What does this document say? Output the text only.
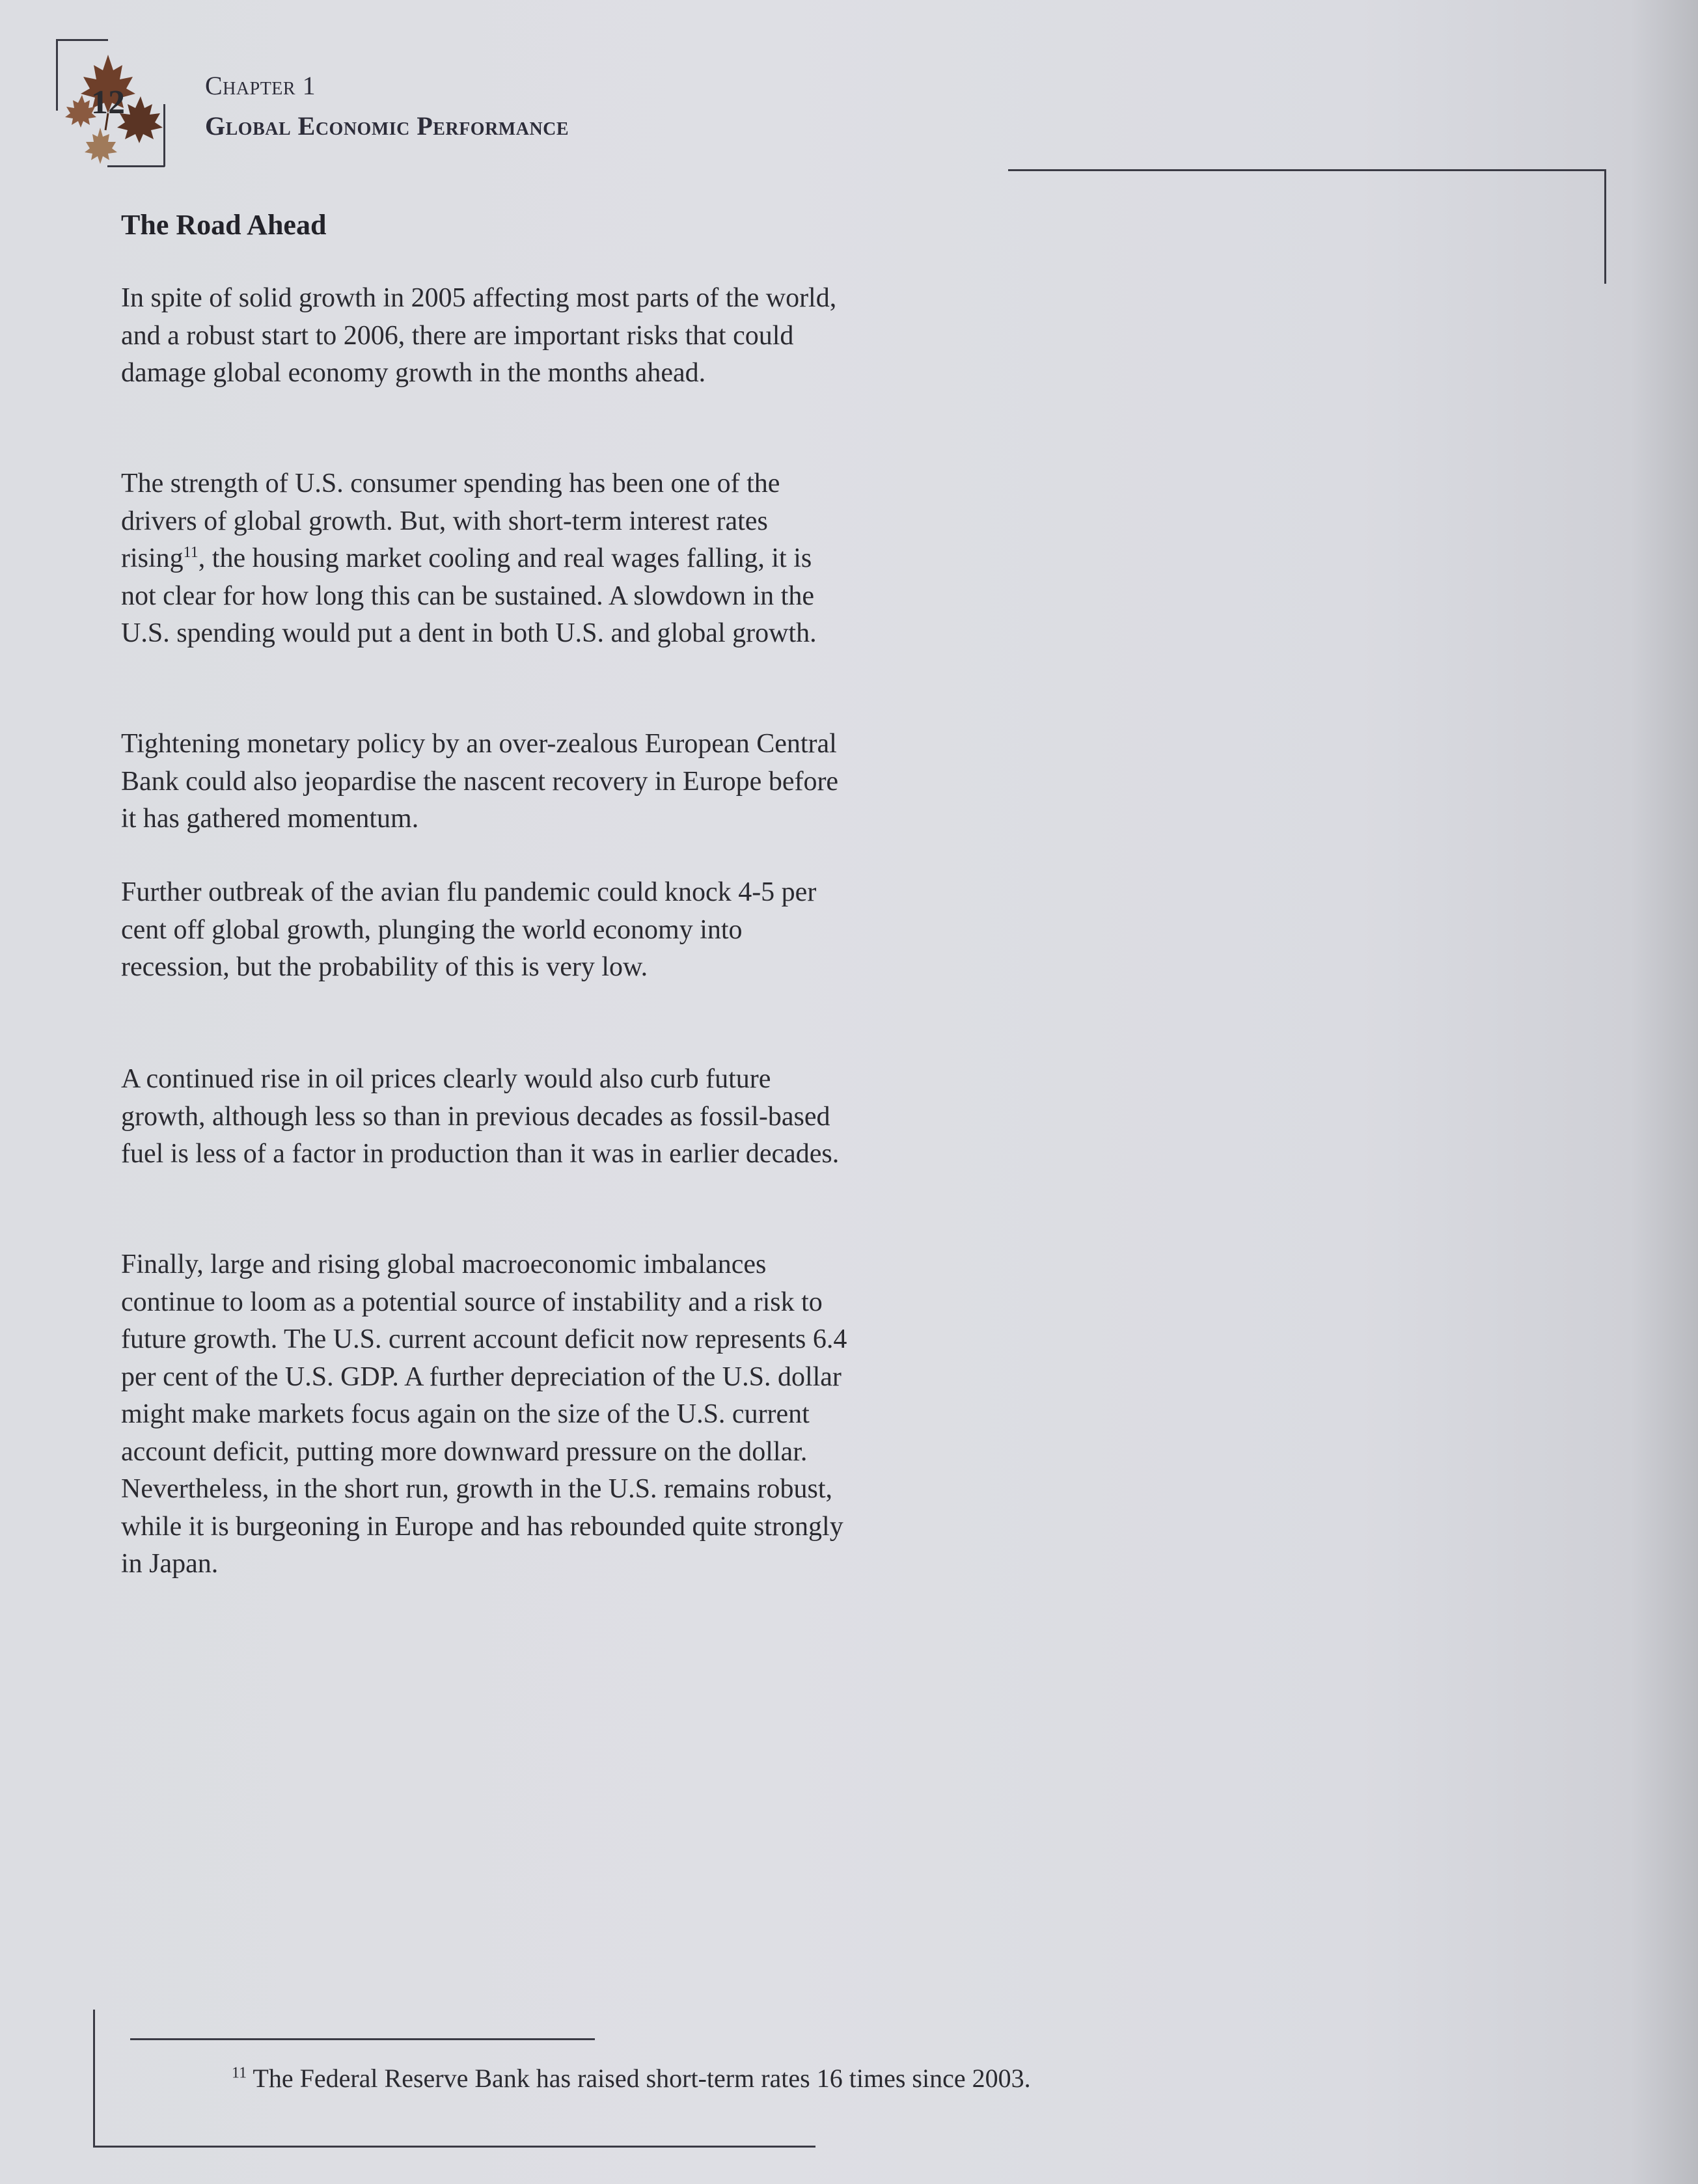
12	Chapter 1
Global Economic Performance
The Road Ahead
In spite of solid growth in 2005 affecting most parts of the world, and a robust start to 2006, there are important risks that could damage global economy growth in the months ahead.
The strength of U.S. consumer spending has been one of the drivers of global growth. But, with short-term interest rates rising$^{11}$, the housing market cooling and real wages falling, it is not clear for how long this can be sustained. A slowdown in the U.S. spending would put a dent in both U.S. and global growth.
Tightening monetary policy by an over-zealous European Central Bank could also jeopardise the nascent recovery in Europe before it has gathered momentum.
Further outbreak of the avian flu pandemic could knock 4-5 per cent off global growth, plunging the world economy into recession, but the probability of this is very low.
A continued rise in oil prices clearly would also curb future growth, although less so than in previous decades as fossil-based fuel is less of a factor in production than it was in earlier decades.
Finally, large and rising global macroeconomic imbalances continue to loom as a potential source of instability and a risk to future growth. The U.S. current account deficit now represents 6.4 per cent of the U.S. GDP. A further depreciation of the U.S. dollar might make markets focus again on the size of the U.S. current account deficit, putting more downward pressure on the dollar. Nevertheless, in the short run, growth in the U.S. remains robust, while it is burgeoning in Europe and has rebounded quite strongly in Japan.
$^{11}$ The Federal Reserve Bank has raised short-term rates 16 times since 2003.
